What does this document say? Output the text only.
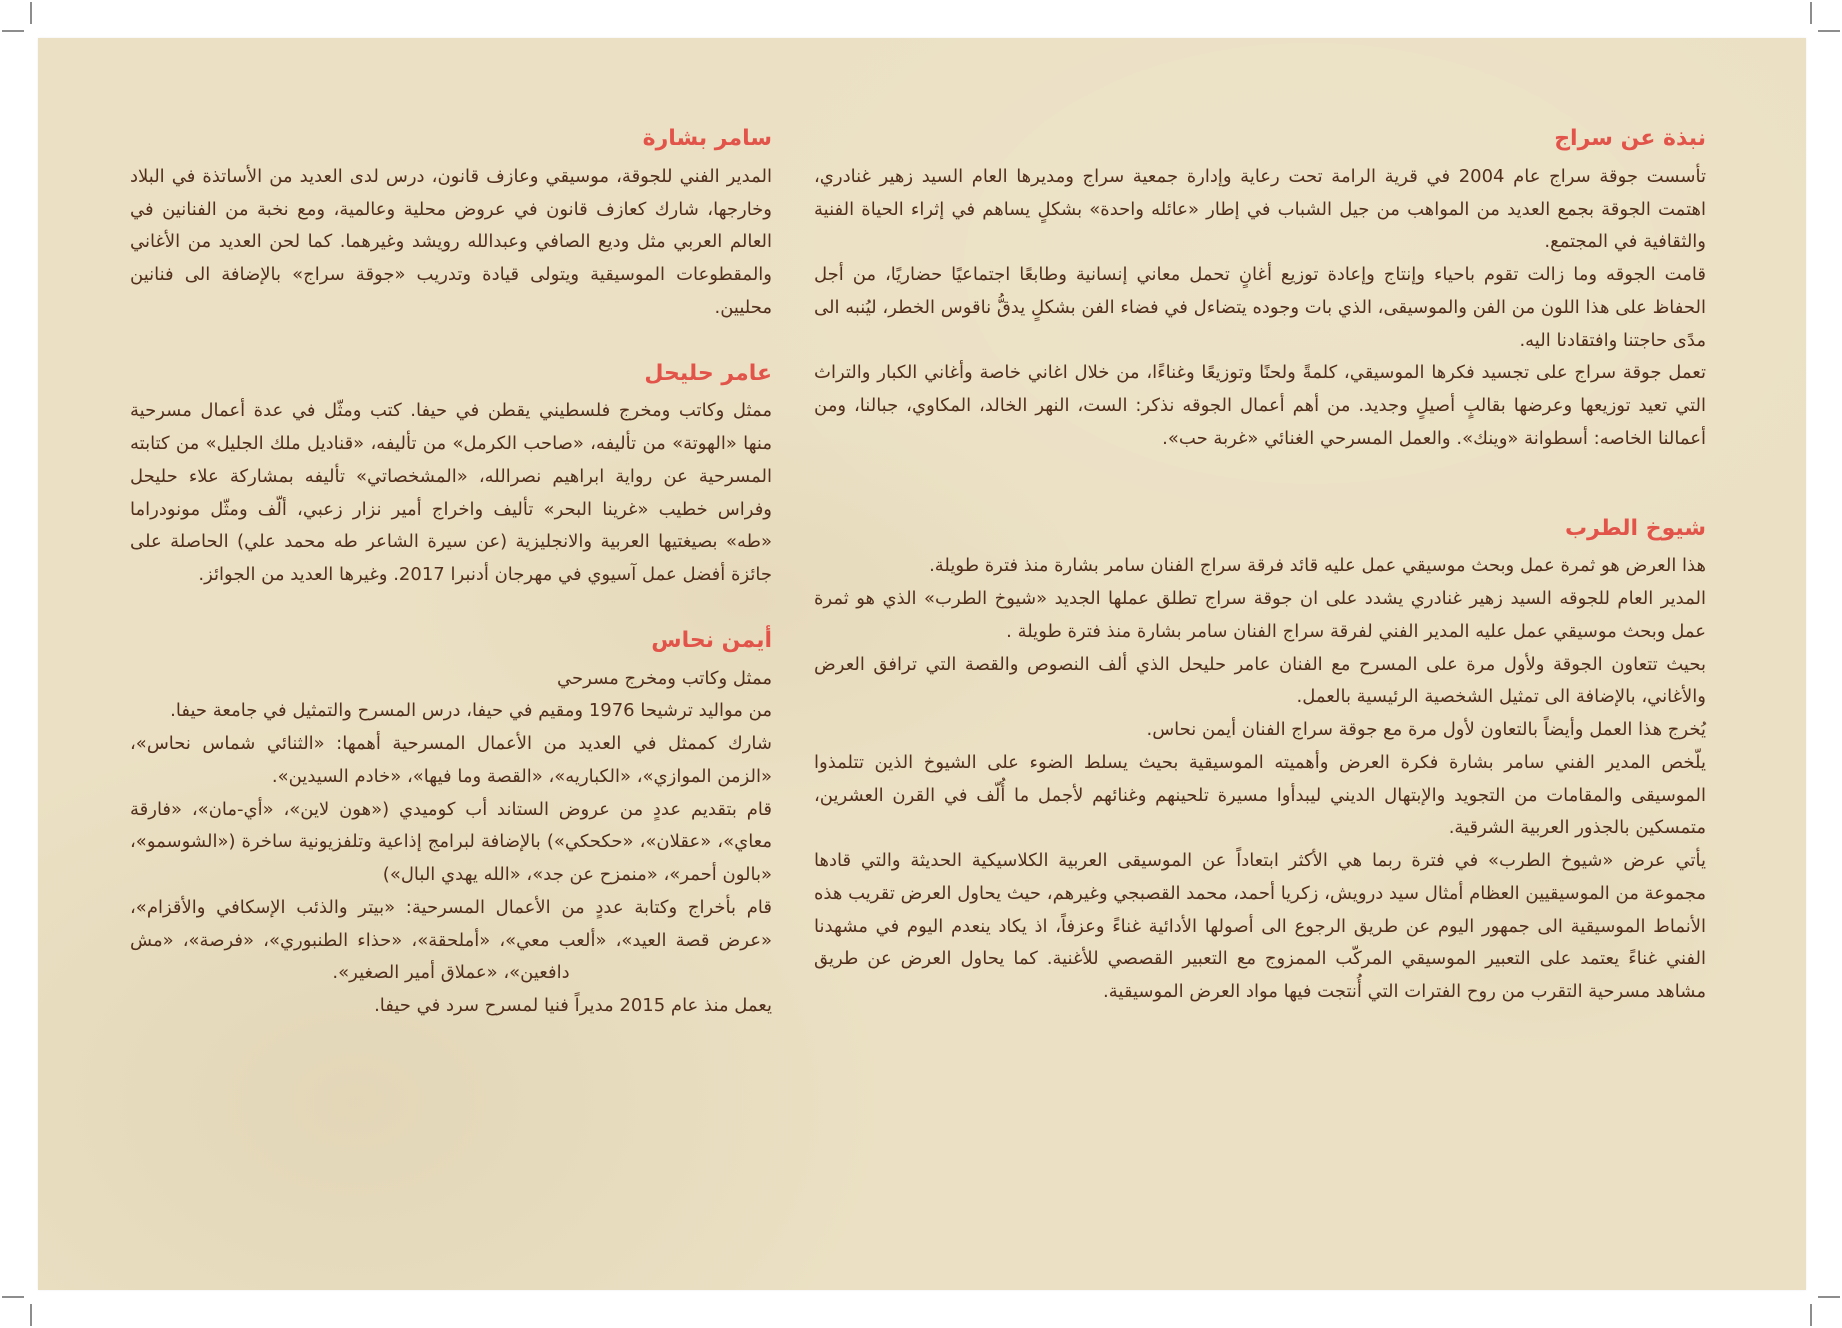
نبذة عن سراج

تأسست جوقة سراج عام 2004 في قرية الرامة تحت رعاية وإدارة جمعية سراج ومديرها العام السيد زهير غنادري، اهتمت الجوقة بجمع العديد من المواهب من جيل الشباب في إطار «عائله واحدة» بشكلٍ يساهم في إثراء الحياة الفنية والثقافية في المجتمع.

قامت الجوقه وما زالت تقوم باحياء وإنتاج وإعادة توزيع أغانٍ تحمل معاني إنسانية وطابعًا اجتماعيًا حضاريًا، من أجل الحفاظ على هذا اللون من الفن والموسيقى، الذي بات وجوده يتضاءل في فضاء الفن بشكلٍ يدقُّ ناقوس الخطر، ليُنبه الى مدًى حاجتنا وافتقادنا اليه.

تعمل جوقة سراج على تجسيد فكرها الموسيقي، كلمةً ولحنًا وتوزيعًا وغناءًا، من خلال اغاني خاصة وأغاني الكبار والتراث التي تعيد توزيعها وعرضها بقالبٍ أصيلٍ وجديد. من أهم أعمال الجوقه نذكر: الست، النهر الخالد، المكاوي، جبالنا، ومن أعمالنا الخاصه: أسطوانة «وينك». والعمل المسرحي الغنائي «غربة حب».

شيوخ الطرب

هذا العرض هو ثمرة عمل وبحث موسيقي عمل عليه قائد فرقة سراج الفنان سامر بشارة منذ فترة طويلة.

المدير العام للجوقه السيد زهير غنادري يشدد على ان جوقة سراج تطلق عملها الجديد «شيوخ الطرب» الذي هو ثمرة عمل وبحث موسيقي عمل عليه المدير الفني لفرقة سراج الفنان سامر بشارة منذ فترة طويلة .

بحيث تتعاون الجوقة ولأول مرة على المسرح مع الفنان عامر حليحل الذي ألف النصوص والقصة التي ترافق العرض والأغاني، بالإضافة الى تمثيل الشخصية الرئيسية بالعمل.

يُخرج هذا العمل وأيضاً بالتعاون لأول مرة مع جوقة سراج الفنان أيمن نحاس.

يلّخص المدير الفني سامر بشارة فكرة العرض وأهميته الموسيقية بحيث يسلط الضوء على الشيوخ الذين تتلمذوا الموسيقى والمقامات من التجويد والإبتهال الديني ليبدأوا مسيرة تلحينهم وغنائهم لأجمل ما أُلّف في القرن العشرين، متمسكين بالجذور العربية الشرقية.

يأتي عرض «شيوخ الطرب» في فترة ربما هي الأكثر ابتعاداً عن الموسيقى العربية الكلاسيكية الحديثة والتي قادها مجموعة من الموسيقيين العظام أمثال سيد درويش، زكريا أحمد، محمد القصبجي وغيرهم، حيث يحاول العرض تقريب هذه الأنماط الموسيقية الى جمهور اليوم عن طريق الرجوع الى أصولها الأدائية غناءً وعزفاً، اذ يكاد ينعدم اليوم في مشهدنا الفني غناءً يعتمد على التعبير الموسيقي المركّب الممزوج مع التعبير القصصي للأغنية. كما يحاول العرض عن طريق مشاهد مسرحية التقرب من روح الفترات التي أُنتجت فيها مواد العرض الموسيقية.

سامر بشارة

المدير الفني للجوقة، موسيقي وعازف قانون، درس لدى العديد من الأساتذة في البلاد وخارجها، شارك كعازف قانون في عروض محلية وعالمية، ومع نخبة من الفنانين في العالم العربي مثل وديع الصافي وعبدالله رويشد وغيرهما. كما لحن العديد من الأغاني والمقطوعات الموسيقية ويتولى قيادة وتدريب «جوقة سراج» بالإضافة الى فنانين محليين.

عامر حليحل

ممثل وكاتب ومخرج فلسطيني يقطن في حيفا. كتب ومثّل في عدة أعمال مسرحية منها «الهوتة» من تأليفه، «صاحب الكرمل» من تأليفه، «قناديل ملك الجليل» من كتابته المسرحية عن رواية ابراهيم نصرالله، «المشخصاتي» تأليفه بمشاركة علاء حليحل وفراس خطيب «غرينا البحر» تأليف واخراج أمير نزار زعبي، ألّف ومثّل مونودراما «طه» بصيغتيها العربية والانجليزية (عن سيرة الشاعر طه محمد علي) الحاصلة على جائزة أفضل عمل آسيوي في مهرجان أدنبرا 2017. وغيرها العديد من الجوائز.

أيمن نحاس

ممثل وكاتب ومخرج مسرحي

من مواليد ترشيحا 1976 ومقيم في حيفا، درس المسرح والتمثيل في جامعة حيفا.

شارك كممثل في العديد من الأعمال المسرحية أهمها: «الثنائي شماس نحاس»، «الزمن الموازي»، «الكباريه»، «القصة وما فيها»، «خادم السيدين».

قام بتقديم عددٍ من عروض الستاند أب كوميدي («هون لاين»، «أي-مان»، «فارقة معاي»، «عقلان»، «حكحكي») بالإضافة لبرامج إذاعية وتلفزيونية ساخرة («الشوسمو»، «بالون أحمر»، «منمزح عن جد»، «الله يهدي البال»)

قام بأخراج وكتابة عددٍ من الأعمال المسرحية: «بيتر والذئب الإسكافي والأقزام»، «عرض قصة العيد»، «ألعب معي»، «أملحقة»، «حذاء الطنبوري»، «فرصة»، «مش دافعين»، «عملاق أمير الصغير».

يعمل منذ عام 2015 مديراً فنيا لمسرح سرد في حيفا.
